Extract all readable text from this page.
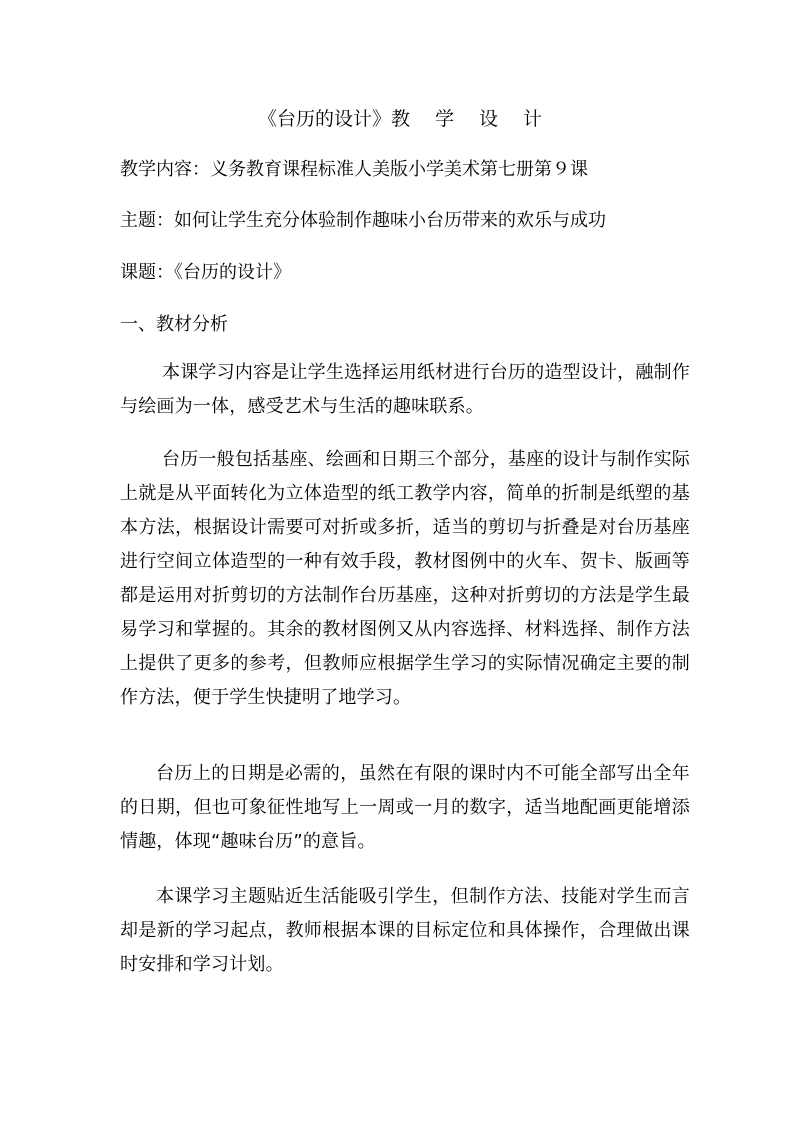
《台历的设计》教　 学　 设　 计
教学内容：义务教育课程标准人美版小学美术第七册第９课
主题：如何让学生充分体验制作趣味小台历带来的欢乐与成功
课题：《台历的设计》
一、教材分析
本课学习内容是让学生选择运用纸材进行台历的造型设计，融制作与绘画为一体，感受艺术与生活的趣味联系。
台历一般包括基座、绘画和日期三个部分，基座的设计与制作实际上就是从平面转化为立体造型的纸工教学内容，简单的折制是纸塑的基本方法，根据设计需要可对折或多折，适当的剪切与折叠是对台历基座进行空间立体造型的一种有效手段，教材图例中的火车、贺卡、版画等都是运用对折剪切的方法制作台历基座，这种对折剪切的方法是学生最易学习和掌握的。其余的教材图例又从内容选择、材料选择、制作方法上提供了更多的参考，但教师应根据学生学习的实际情况确定主要的制作方法，便于学生快捷明了地学习。
台历上的日期是必需的，虽然在有限的课时内不可能全部写出全年的日期，但也可象征性地写上一周或一月的数字，适当地配画更能增添情趣，体现“趣味台历”的意旨。
本课学习主题贴近生活能吸引学生，但制作方法、技能对学生而言却是新的学习起点，教师根据本课的目标定位和具体操作，合理做出课时安排和学习计划。
